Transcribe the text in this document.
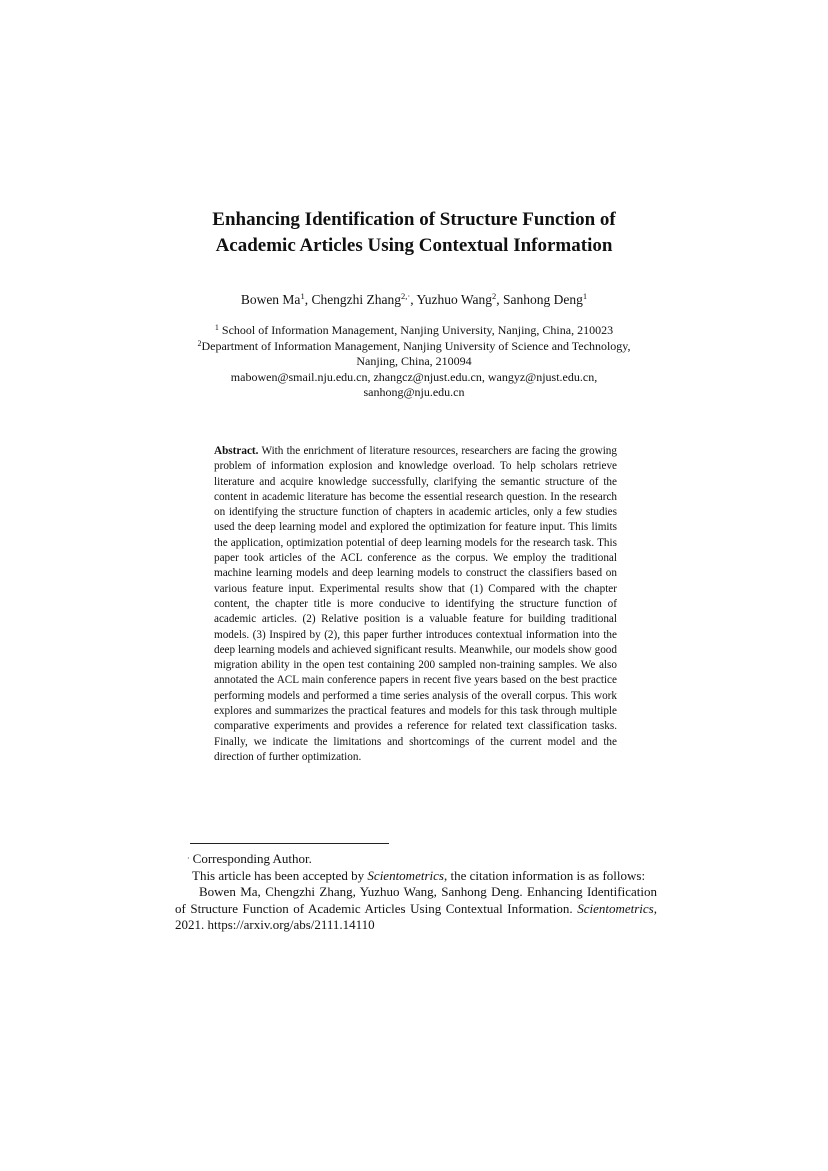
Enhancing Identification of Structure Function of
Academic Articles Using Contextual Information
Bowen Ma$^1$, Chengzhi Zhang$^{2,\cdot}$, Yuzhuo Wang$^2$, Sanhong Deng$^1$
$^1$ School of Information Management, Nanjing University, Nanjing, China, 210023
$^2$Department of Information Management, Nanjing University of Science and Technology,
Nanjing, China, 210094
mabowen@smail.nju.edu.cn, zhangcz@njust.edu.cn, wangyz@njust.edu.cn,
sanhong@nju.edu.cn

Abstract. With the enrichment of literature resources, researchers are facing the growing problem of information explosion and knowledge overload. To help scholars retrieve literature and acquire knowledge successfully, clarifying the semantic structure of the content in academic literature has become the essential research question. In the research on identifying the structure function of chapters in academic articles, only a few studies used the deep learning model and explored the optimization for feature input. This limits the application, optimization potential of deep learning models for the research task. This paper took articles of the ACL conference as the corpus. We employ the traditional machine learning models and deep learning models to construct the classifiers based on various feature input. Experimental results show that (1) Compared with the chapter content, the chapter title is more conducive to identifying the structure function of academic articles. (2) Relative position is a valuable feature for building traditional models. (3) Inspired by (2), this paper further introduces contextual information into the deep learning models and achieved significant results. Meanwhile, our models show good migration ability in the open test containing 200 sampled non-training samples. We also annotated the ACL main conference papers in recent five years based on the best practice performing models and performed a time series analysis of the overall corpus. This work explores and summarizes the practical features and models for this task through multiple comparative experiments and provides a reference for related text classification tasks. Finally, we indicate the limitations and shortcomings of the current model and the direction of further optimization.

· Corresponding Author.

This article has been accepted by Scientometrics, the citation information is as follows:

Bowen Ma, Chengzhi Zhang, Yuzhuo Wang, Sanhong Deng. Enhancing Identification of Structure Function of Academic Articles Using Contextual Information. Scientometrics, 2021. https://arxiv.org/abs/2111.14110
